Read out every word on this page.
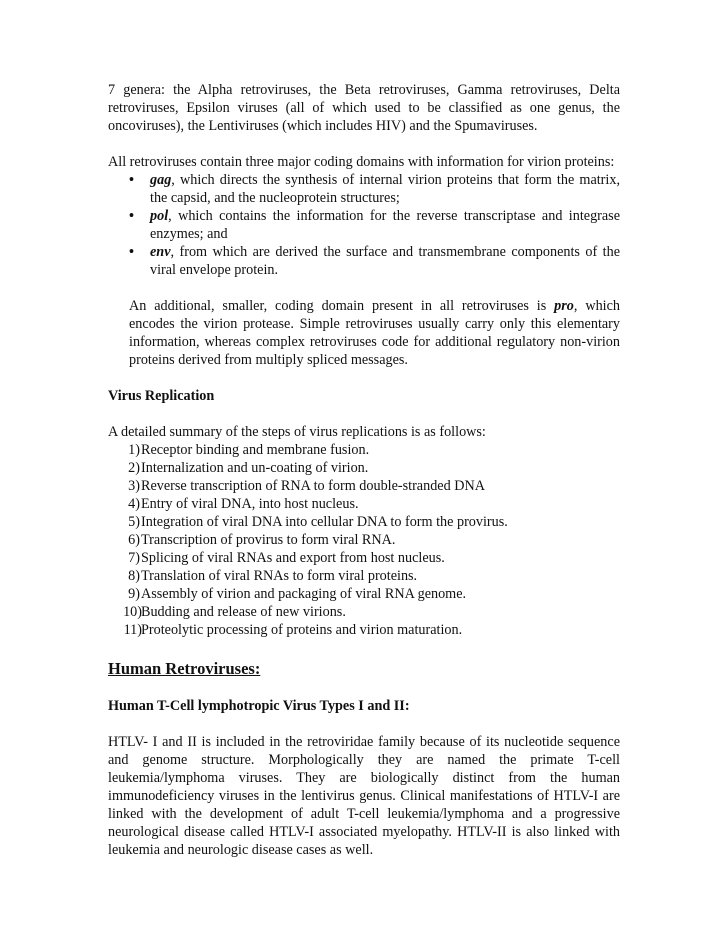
7 genera: the Alpha retroviruses, the Beta retroviruses, Gamma retroviruses, Delta retroviruses, Epsilon viruses (all of which used to be classified as one genus, the oncoviruses), the Lentiviruses (which includes HIV) and the Spumaviruses.

All retroviruses contain three major coding domains with information for virion proteins:

• gag, which directs the synthesis of internal virion proteins that form the matrix, the capsid, and the nucleoprotein structures;
• pol, which contains the information for the reverse transcriptase and integrase enzymes; and
• env, from which are derived the surface and transmembrane components of the viral envelope protein.

An additional, smaller, coding domain present in all retroviruses is pro, which encodes the virion protease. Simple retroviruses usually carry only this elementary information, whereas complex retroviruses code for additional regulatory non-virion proteins derived from multiply spliced messages.

Virus Replication

A detailed summary of the steps of virus replications is as follows:

1) Receptor binding and membrane fusion.
2) Internalization and un-coating of virion.
3) Reverse transcription of RNA to form double-stranded DNA
4) Entry of viral DNA, into host nucleus.
5) Integration of viral DNA into cellular DNA to form the provirus.
6) Transcription of provirus to form viral RNA.
7) Splicing of viral RNAs and export from host nucleus.
8) Translation of viral RNAs to form viral proteins.
9) Assembly of virion and packaging of viral RNA genome.
10) Budding and release of new virions.
11) Proteolytic processing of proteins and virion maturation.

Human Retroviruses:

Human T-Cell lymphotropic Virus Types I and II:

HTLV- I and II is included in the retroviridae family because of its nucleotide sequence and genome structure. Morphologically they are named the primate T-cell leukemia/lymphoma viruses. They are biologically distinct from the human immunodeficiency viruses in the lentivirus genus. Clinical manifestations of HTLV-I are linked with the development of adult T-cell leukemia/lymphoma and a progressive neurological disease called HTLV-I associated myelopathy. HTLV-II is also linked with leukemia and neurologic disease cases as well.
